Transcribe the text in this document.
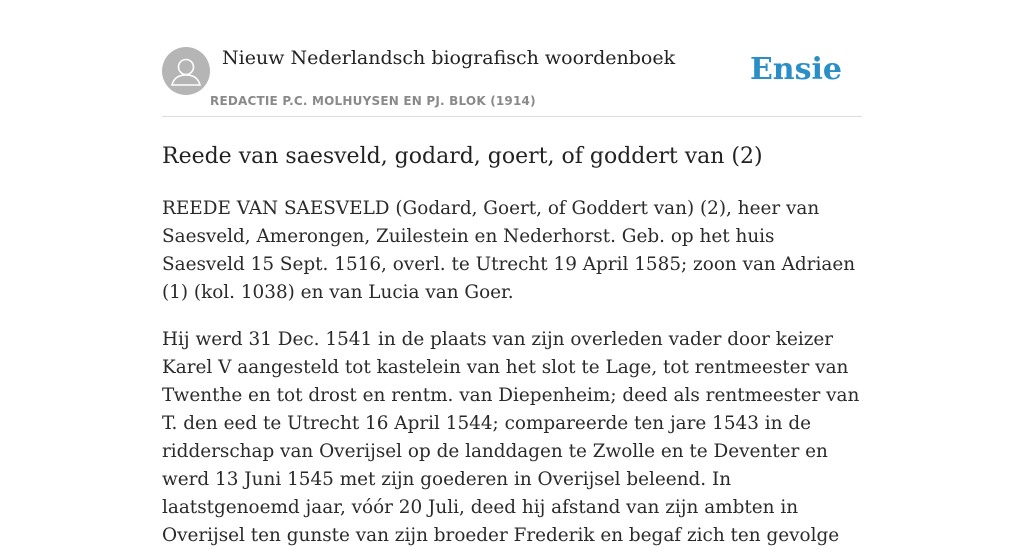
Nieuw Nederlandsch biografisch woordenboek
REDACTIE P.C. MOLHUYSEN EN PJ. BLOK (1914)
Ensie
Reede van saesveld, godard, goert, of goddert van (2)

REEDE VAN SAESVELD (Godard, Goert, of Goddert van) (2), heer van Saesveld, Amerongen, Zuilestein en Nederhorst. Geb. op het huis Saesveld 15 Sept. 1516, overl. te Utrecht 19 April 1585; zoon van Adriaen (1) (kol. 1038) en van Lucia van Goer.

Hij werd 31 Dec. 1541 in de plaats van zijn overleden vader door keizer Karel V aangesteld tot kastelein van het slot te Lage, tot rentmeester van Twenthe en tot drost en rentm. van Diepenheim; deed als rentmeester van T. den eed te Utrecht 16 April 1544; compareerde ten jare 1543 in de ridderschap van Overijsel op de landdagen te Zwolle en te Deventer en werd 13 Juni 1545 met zijn goederen in Overijsel beleend. In laatstgenoemd jaar, vóór 20 Juli, deed hij afstand van zijn ambten in Overijsel ten gunste van zijn broeder Frederik en begaf zich ten gevolge
